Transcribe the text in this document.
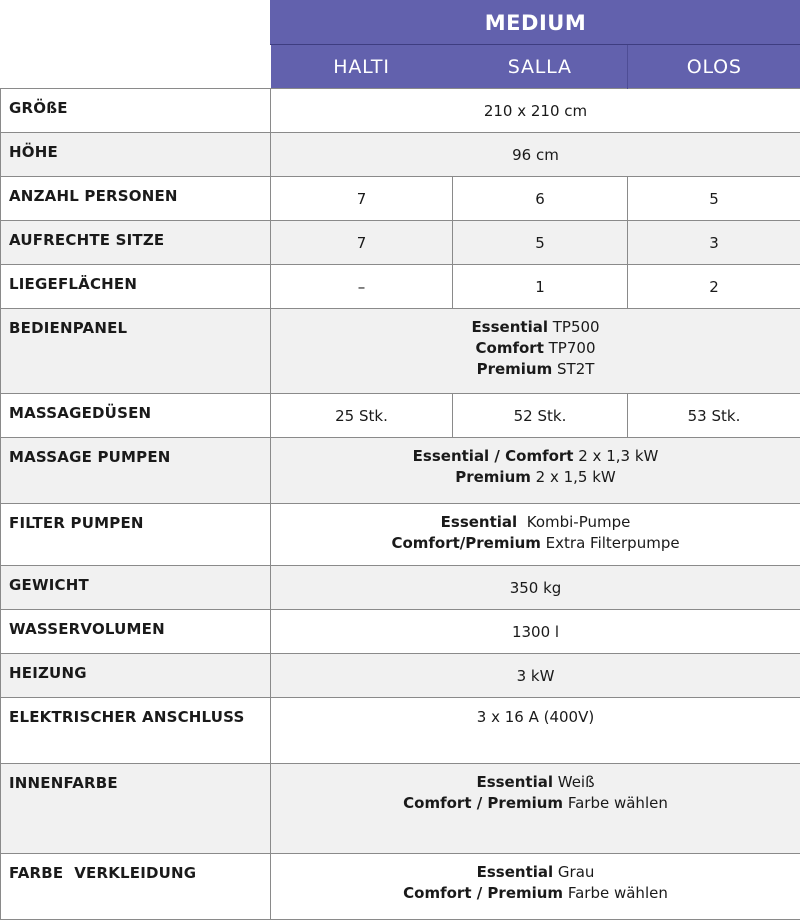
	MEDIUM		
	HALTI	SALLA	OLOS
GRÖßE	210 x 210 cm		
HÖHE	96 cm		
ANZAHL PERSONEN	7	6	5
AUFRECHTE SITZE	7	5	3
LIEGEFLÄCHEN	–	1	2
BEDIENPANEL	Essential TP500
Comfort TP700
Premium ST2T		

MASSAGEDÜSEN	25 Stk.	52 Stk.	53 Stk.
MASSAGE PUMPEN	Essential / Comfort 2 x 1,3 kW
Premium 2 x 1,5 kW		

FILTER PUMPEN	Essential  Kombi-Pumpe
Comfort/Premium Extra Filterpumpe		

GEWICHT	350 kg		
WASSERVOLUMEN	1300 l		
HEIZUNG	3 kW		
ELEKTRISCHER ANSCHLUSS	3 x 16 A (400V)		
INNENFARBE	Essential Weiß
Comfort / Premium Farbe wählen		

FARBE  VERKLEIDUNG	Essential Grau
Comfort / Premium Farbe wählen		
